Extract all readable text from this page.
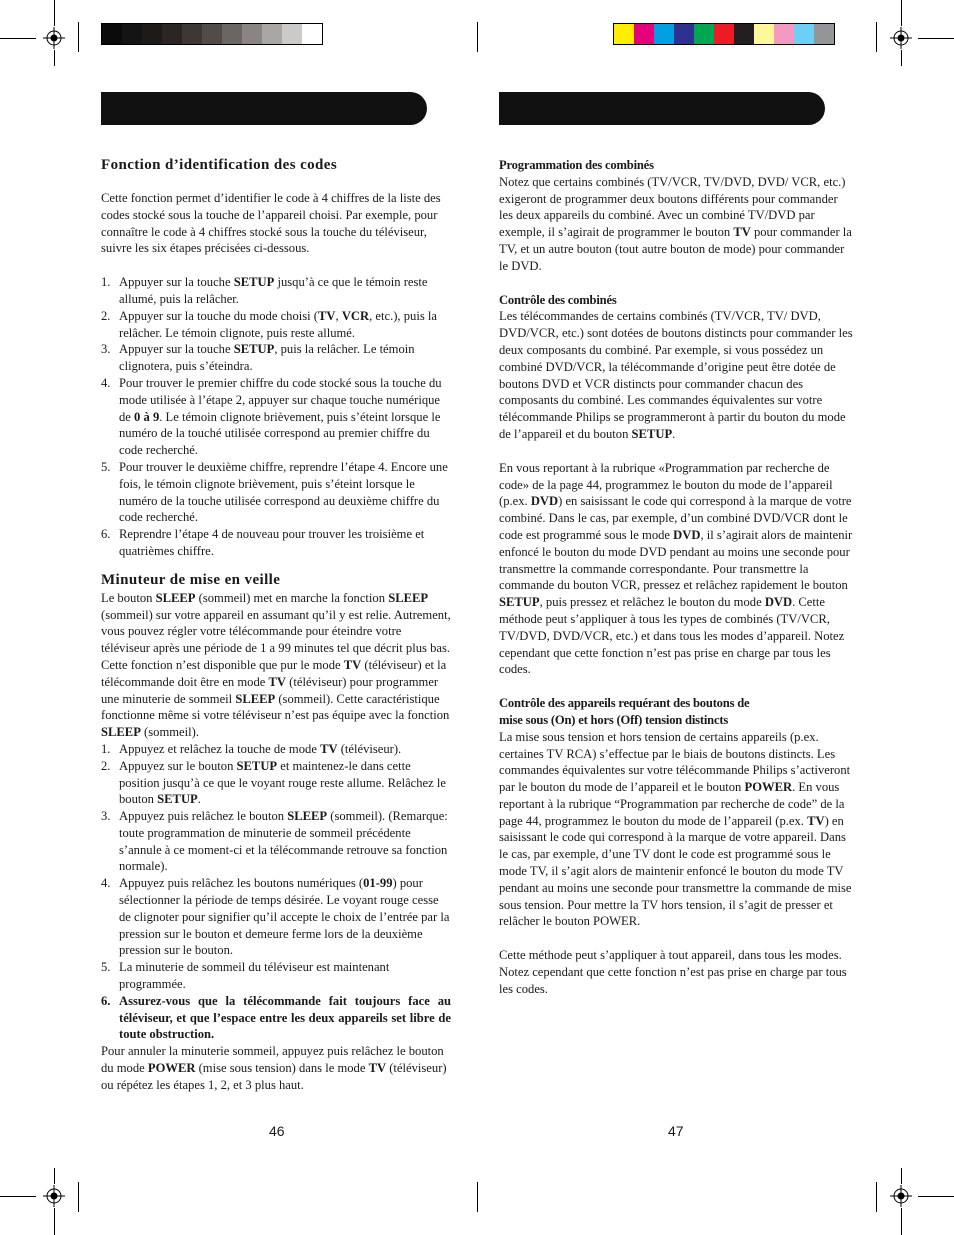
Fonction d’identification des codes

Cette fonction permet d’identifier le code à 4 chiffres de la liste des codes stocké sous la touche de l’appareil choisi. Par exemple, pour connaître le code à 4 chiffres stocké sous la touche du téléviseur, suivre les six étapes précisées ci-dessous.

1. Appuyer sur la touche SETUP jusqu’à ce que le témoin reste allumé, puis la relâcher.
2. Appuyer sur la touche du mode choisi (TV, VCR, etc.), puis la relâcher. Le témoin clignote, puis reste allumé.
3. Appuyer sur la touche SETUP, puis la relâcher. Le témoin clignotera, puis s’éteindra.
4. Pour trouver le premier chiffre du code stocké sous la touche du mode utilisée à l’étape 2, appuyer sur chaque touche numérique de 0 à 9. Le témoin clignote brièvement, puis s’éteint lorsque le numéro de la touché utilisée correspond au premier chiffre du code recherché.
5. Pour trouver le deuxième chiffre, reprendre l’étape 4. Encore une fois, le témoin clignote brièvement, puis s’éteint lorsque le numéro de la touche utilisée correspond au deuxième chiffre du code recherché.
6. Reprendre l’étape 4 de nouveau pour trouver les troisième et quatrièmes chiffre.

Minuteur de mise en veille

Le bouton SLEEP (sommeil) met en marche la fonction SLEEP (sommeil) sur votre appareil en assumant qu’il y est relie. Autrement, vous pouvez régler votre télécommande pour éteindre votre téléviseur après une période de 1 a 99 minutes tel que décrit plus bas. Cette fonction n’est disponible que pur le mode TV (téléviseur) et la télécommande doit être en mode TV (téléviseur) pour programmer une minuterie de sommeil SLEEP (sommeil). Cette caractéristique fonctionne même si votre téléviseur n’est pas équipe avec la fonction SLEEP (sommeil).

1. Appuyez et relâchez la touche de mode TV (téléviseur).
2. Appuyez sur le bouton SETUP et maintenez-le dans cette position jusqu’à ce que le voyant rouge reste allume. Relâchez le bouton SETUP.
3. Appuyez puis relâchez le bouton SLEEP (sommeil). (Remarque: toute programmation de minuterie de sommeil précédente s’annule à ce moment-ci et la télécommande retrouve sa fonction normale).
4. Appuyez puis relâchez les boutons numériques (01-99) pour sélectionner la période de temps désirée. Le voyant rouge cesse de clignoter pour signifier qu’il accepte le choix de l’entrée par la pression sur le bouton et demeure ferme lors de la deuxième pression sur le bouton.
5. La minuterie de sommeil du téléviseur est maintenant programmée.
6. Assurez-vous que la télécommande fait toujours face au téléviseur, et que l’espace entre les deux appareils set libre de toute obstruction.

Pour annuler la minuterie sommeil, appuyez puis relâchez le bouton du mode POWER (mise sous tension) dans le mode TV (téléviseur) ou répétez les étapes 1, 2, et 3 plus haut.

46

Programmation des combinés

Notez que certains combinés (TV/VCR, TV/DVD, DVD/ VCR, etc.) exigeront de programmer deux boutons différents pour commander les deux appareils du combiné. Avec un combiné TV/DVD par exemple, il s’agirait de programmer le bouton TV pour commander la TV, et un autre bouton (tout autre bouton de mode) pour commander le DVD.

Contrôle des combinés

Les télécommandes de certains combinés (TV/VCR, TV/ DVD, DVD/VCR, etc.) sont dotées de boutons distincts pour commander les deux composants du combiné. Par exemple, si vous possédez un combiné DVD/VCR, la télécommande d’origine peut être dotée de boutons DVD et VCR distincts pour commander chacun des composants du combiné. Les commandes équivalentes sur votre télécommande Philips se programmeront à partir du bouton du mode de l’appareil et du bouton SETUP.

En vous reportant à la rubrique «Programmation par recherche de code» de la page 44, programmez le bouton du mode de l’appareil (p.ex. DVD) en saisissant le code qui correspond à la marque de votre combiné. Dans le cas, par exemple, d’un combiné DVD/VCR dont le code est programmé sous le mode DVD, il s’agirait alors de maintenir enfoncé le bouton du mode DVD pendant au moins une seconde pour transmettre la commande correspondante. Pour transmettre la commande du bouton VCR, pressez et relâchez rapidement le bouton SETUP, puis pressez et relâchez le bouton du mode DVD. Cette méthode peut s’appliquer à tous les types de combinés (TV/VCR, TV/DVD, DVD/VCR, etc.) et dans tous les modes d’appareil. Notez cependant que cette fonction n’est pas prise en charge par tous les codes.

Contrôle des appareils requérant des boutons de

mise sous (On) et hors (Off) tension distincts

La mise sous tension et hors tension de certains appareils (p.ex. certaines TV RCA) s’effectue par le biais de boutons distincts. Les commandes équivalentes sur votre télécommande Philips s’activeront par le bouton du mode de l’appareil et le bouton POWER. En vous reportant à la rubrique “Programmation par recherche de code” de la page 44, programmez le bouton du mode de l’appareil (p.ex. TV) en saisissant le code qui correspond à la marque de votre appareil. Dans le cas, par exemple, d’une TV dont le code est programmé sous le mode TV, il s’agit alors de maintenir enfoncé le bouton du mode TV pendant au moins une seconde pour transmettre la commande de mise sous tension. Pour mettre la TV hors tension, il s’agit de presser et relâcher le bouton POWER.

Cette méthode peut s’appliquer à tout appareil, dans tous les modes. Notez cependant que cette fonction n’est pas prise en charge par tous les codes.

47
